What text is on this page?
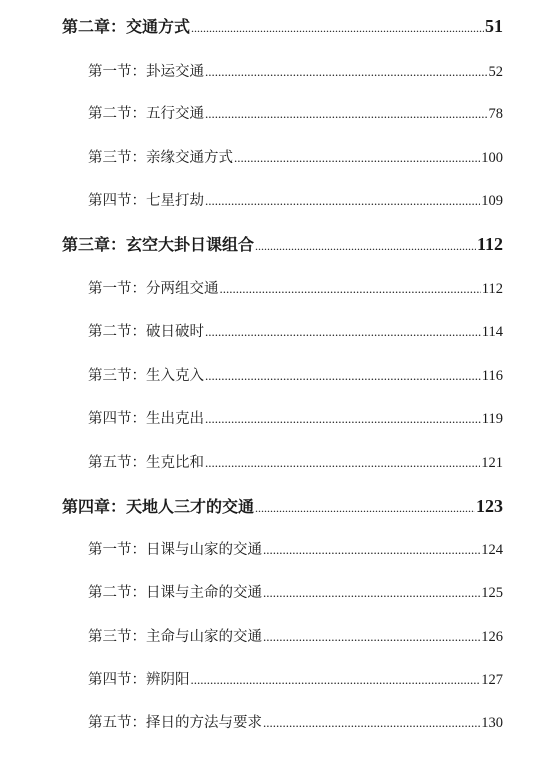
第二章：交通方式 .....	51
第一节：卦运交通 .....	52
第二节：五行交通 .....	78
第三节：亲缘交通方式 .....	100
第四节：七星打劫 .....	109
第三章：玄空大卦日课组合 .....	112
第一节：分两组交通 .....	112
第二节：破日破时 .....	114
第三节：生入克入 .....	116
第四节：生出克出 .....	119
第五节：生克比和 .....	121
第四章：天地人三才的交通 .....	123
第一节：日课与山家的交通 .....	124
第二节：日课与主命的交通 .....	125
第三节：主命与山家的交通 .....	126
第四节：辨阴阳 .....	127
第五节：择日的方法与要求 .....	130
